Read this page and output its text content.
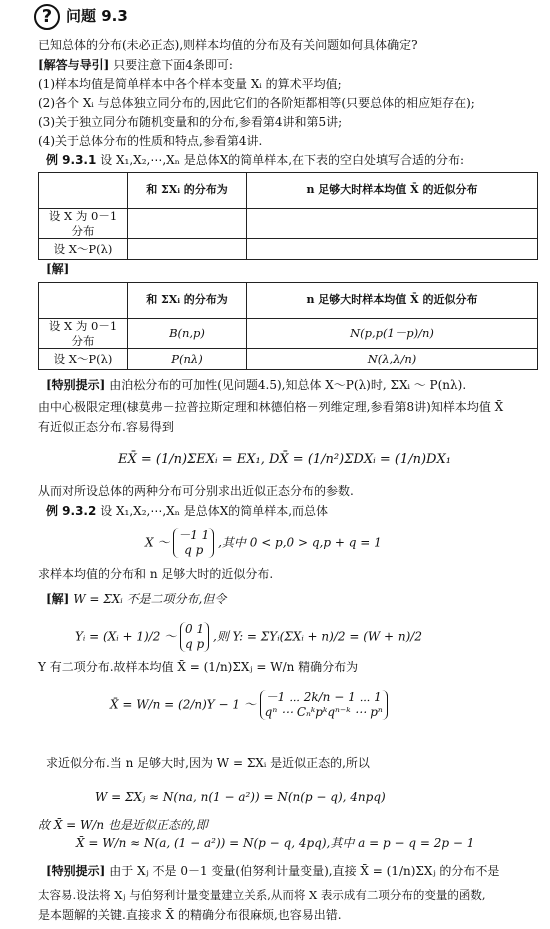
? 问题 9.3
已知总体的分布(未必正态),则样本均值的分布及有关问题如何具体确定?
[解答与导引] 只要注意下面4条即可:
(1)样本均值是简单样本中各个样本变量 Xᵢ 的算术平均值;
(2)各个 Xᵢ 与总体独立同分布的,因此它们的各阶矩都相等(只要总体的相应矩存在);
(3)关于独立同分布随机变量和的分布,参看第4讲和第5讲;
(4)关于总体分布的性质和特点,参看第4讲.
例 9.3.1 设 X₁,X₂,⋯,Xₙ 是总体X的简单样本,在下表的空白处填写合适的分布:
	和 ΣXᵢ 的分布为	n 足够大时样本均值 X̄ 的近似分布
设 X 为 0－1 分布		
设 X～P(λ)		
[解]
	和 ΣXᵢ 的分布为	n 足够大时样本均值 X̄ 的近似分布
设 X 为 0－1 分布	B(n,p)	N(p,p(1－p)/n)
设 X～P(λ)	P(nλ)	N(λ,λ/n)
[特别提示] 由泊松分布的可加性(见问题4.5),知总体 X～P(λ)时, ΣXᵢ ～ P(nλ).
由中心极限定理(棣莫弗－拉普拉斯定理和林德伯格－列维定理,参看第8讲)知样本均值 X̄
有近似正态分布.容易得到
EX̄ = (1/n)ΣEXᵢ = EX₁, DX̄ = (1/n²)ΣDXᵢ = (1/n)DX₁
从而对所设总体的两种分布可分别求出近似正态分布的参数.
例 9.3.2 设 X₁,X₂,⋯,Xₙ 是总体X的简单样本,而总体
X ～ －1 1
q p ,其中 0 < p,0 > q,p + q = 1
求样本均值的分布和 n 足够大时的近似分布.
[解] W = ΣXᵢ 不是二项分布,但令
Yᵢ = (Xᵢ + 1)/2 ～ 0 1
q p ,则 Y: = ΣYᵢ(ΣXᵢ + n)/2 = (W + n)/2
Y 有二项分布.故样本均值 X̄ = (1/n)ΣXⱼ = W/n 精确分布为
X̄ = W/n = (2/n)Y − 1 ～ －1 ⋯ 2k/n − 1 ⋯ 1
qⁿ ⋯ Cₙᵏpᵏqⁿ⁻ᵏ ⋯ pⁿ
求近似分布.当 n 足够大时,因为 W = ΣXᵢ 是近似正态的,所以
W = ΣXⱼ ≈ N(na, n(1 − a²)) = N(n(p − q), 4npq)
故 X̄ = W/n 也是近似正态的,即
X̄ = W/n ≈ N(a, (1 − a²)) = N(p − q, 4pq),其中 a = p − q = 2p − 1
[特别提示] 由于 Xⱼ 不是 0－1 变量(伯努利计量变量),直接 X̄ = (1/n)ΣXⱼ 的分布不是
太容易.设法将 Xⱼ 与伯努利计量变量建立关系,从而将 X 表示成有二项分布的变量的函数,
是本题解的关键.直接求 X̄ 的精确分布很麻烦,也容易出错.
